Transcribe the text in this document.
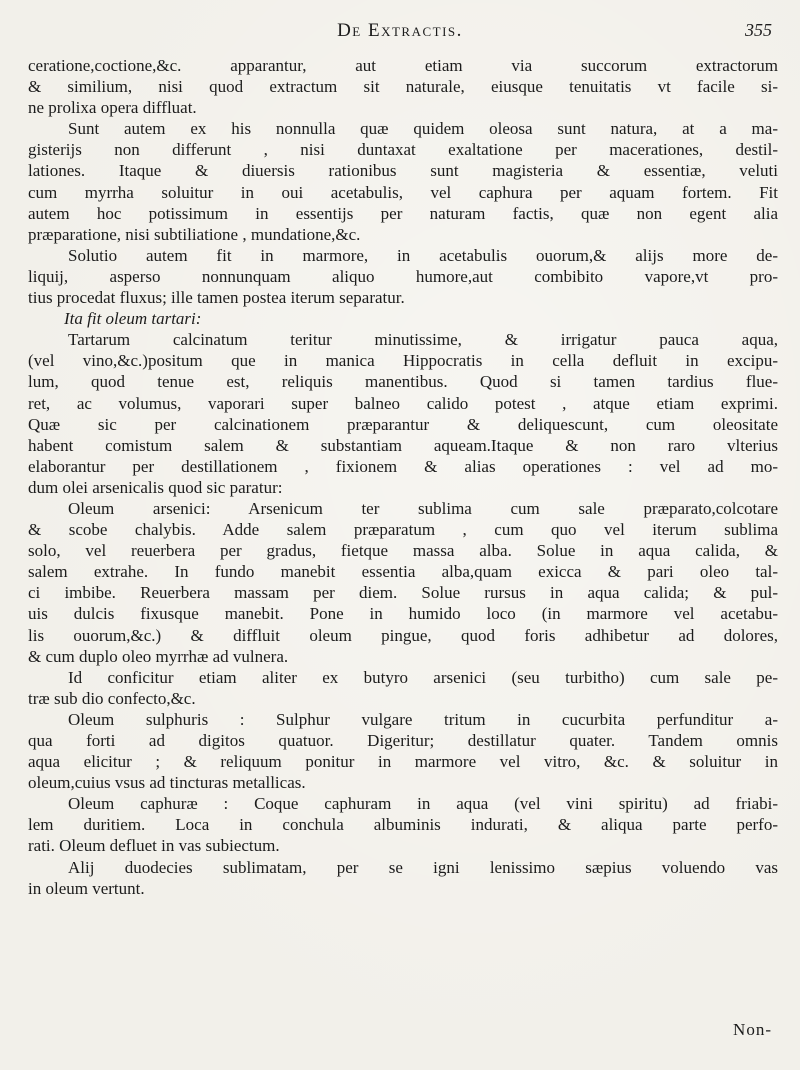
De Extractis.	355
ceratione,coctione,&c. apparantur, aut etiam via succorum extractorum
& similium, nisi quod extractum sit naturale, eiusque tenuitatis vt facile si-
ne prolixa opera diffluat.
Sunt autem ex his nonnulla quæ quidem oleosa sunt natura, at a ma-
gisterijs non differunt , nisi duntaxat exaltatione per macerationes, destil-
lationes. Itaque & diuersis rationibus sunt magisteria & essentiæ, veluti
cum myrrha soluitur in oui acetabulis, vel caphura per aquam fortem. Fit
autem hoc potissimum in essentijs per naturam factis, quæ non egent alia
præparatione, nisi subtiliatione , mundatione,&c.
Solutio autem fit in marmore, in acetabulis ouorum,& alijs more de-
liquij, asperso nonnunquam aliquo humore,aut combibito vapore,vt pro-
tius procedat fluxus; ille tamen postea iterum separatur.
Ita fit oleum tartari:
Tartarum calcinatum teritur minutissime, & irrigatur pauca aqua,
(vel vino,&c.)positum que in manica Hippocratis in cella defluit in excipu-
lum, quod tenue est, reliquis manentibus. Quod si tamen tardius flue-
ret, ac volumus, vaporari super balneo calido potest , atque etiam exprimi.
Quæ sic per calcinationem præparantur & deliquescunt, cum oleositate
habent comistum salem & substantiam aqueam.Itaque & non raro vlterius
elaborantur per destillationem , fixionem & alias operationes : vel ad mo-
dum olei arsenicalis quod sic paratur:
Oleum arsenici: Arsenicum ter sublima cum sale præparato,colcotare
& scobe chalybis. Adde salem præparatum , cum quo vel iterum sublima
solo, vel reuerbera per gradus, fietque massa alba. Solue in aqua calida, &
salem extrahe. In fundo manebit essentia alba,quam exicca & pari oleo tal-
ci imbibe. Reuerbera massam per diem. Solue rursus in aqua calida; & pul-
uis dulcis fixusque manebit. Pone in humido loco (in marmore vel acetabu-
lis ouorum,&c.) & diffluit oleum pingue, quod foris adhibetur ad dolores,
& cum duplo oleo myrrhæ ad vulnera.
Id conficitur etiam aliter ex butyro arsenici (seu turbitho) cum sale pe-
træ sub dio confecto,&c.
Oleum sulphuris : Sulphur vulgare tritum in cucurbita perfunditur a-
qua forti ad digitos quatuor. Digeritur; destillatur quater. Tandem omnis
aqua elicitur ; & reliquum ponitur in marmore vel vitro, &c. & soluitur in
oleum,cuius vsus ad tincturas metallicas.
Oleum caphuræ : Coque caphuram in aqua (vel vini spiritu) ad friabi-
lem duritiem. Loca in conchula albuminis indurati, & aliqua parte perfo-
rati. Oleum defluet in vas subiectum.
Alij duodecies sublimatam, per se igni lenissimo sæpius voluendo vas
in oleum vertunt.
Non-
